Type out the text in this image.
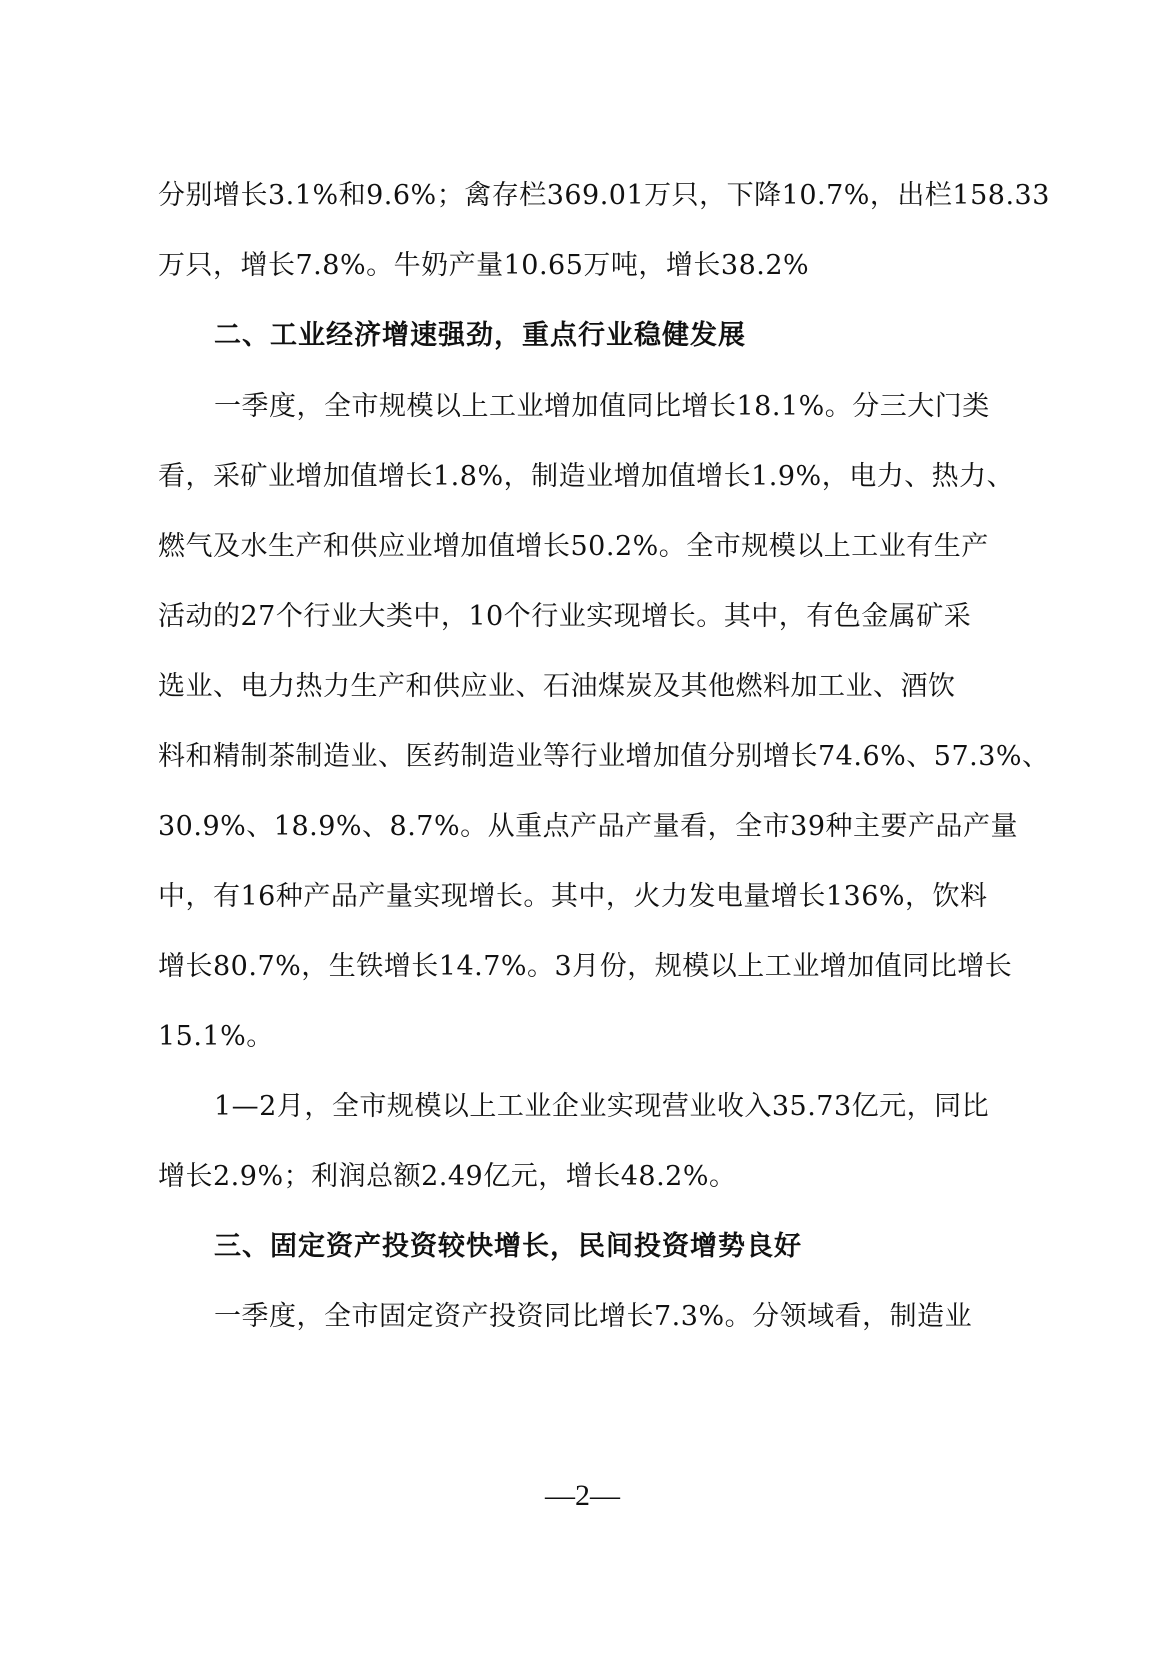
分别增长3.1%和9.6%；禽存栏369.01万只，下降10.7%，出栏158.33
万只，增长7.8%。牛奶产量10.65万吨，增长38.2%
二、工业经济增速强劲，重点行业稳健发展
一季度，全市规模以上工业增加值同比增长18.1%。分三大门类
看，采矿业增加值增长1.8%，制造业增加值增长1.9%，电力、热力、
燃气及水生产和供应业增加值增长50.2%。全市规模以上工业有生产
活动的27个行业大类中，10个行业实现增长。其中，有色金属矿采
选业、电力热力生产和供应业、石油煤炭及其他燃料加工业、酒饮
料和精制茶制造业、医药制造业等行业增加值分别增长74.6%、57.3%、
30.9%、18.9%、8.7%。从重点产品产量看，全市39种主要产品产量
中，有16种产品产量实现增长。其中，火力发电量增长136%，饮料
增长80.7%，生铁增长14.7%。3月份，规模以上工业增加值同比增长
15.1%。
1—2月，全市规模以上工业企业实现营业收入35.73亿元，同比
增长2.9%；利润总额2.49亿元，增长48.2%。
三、固定资产投资较快增长，民间投资增势良好
一季度，全市固定资产投资同比增长7.3%。分领域看，制造业
—2—
